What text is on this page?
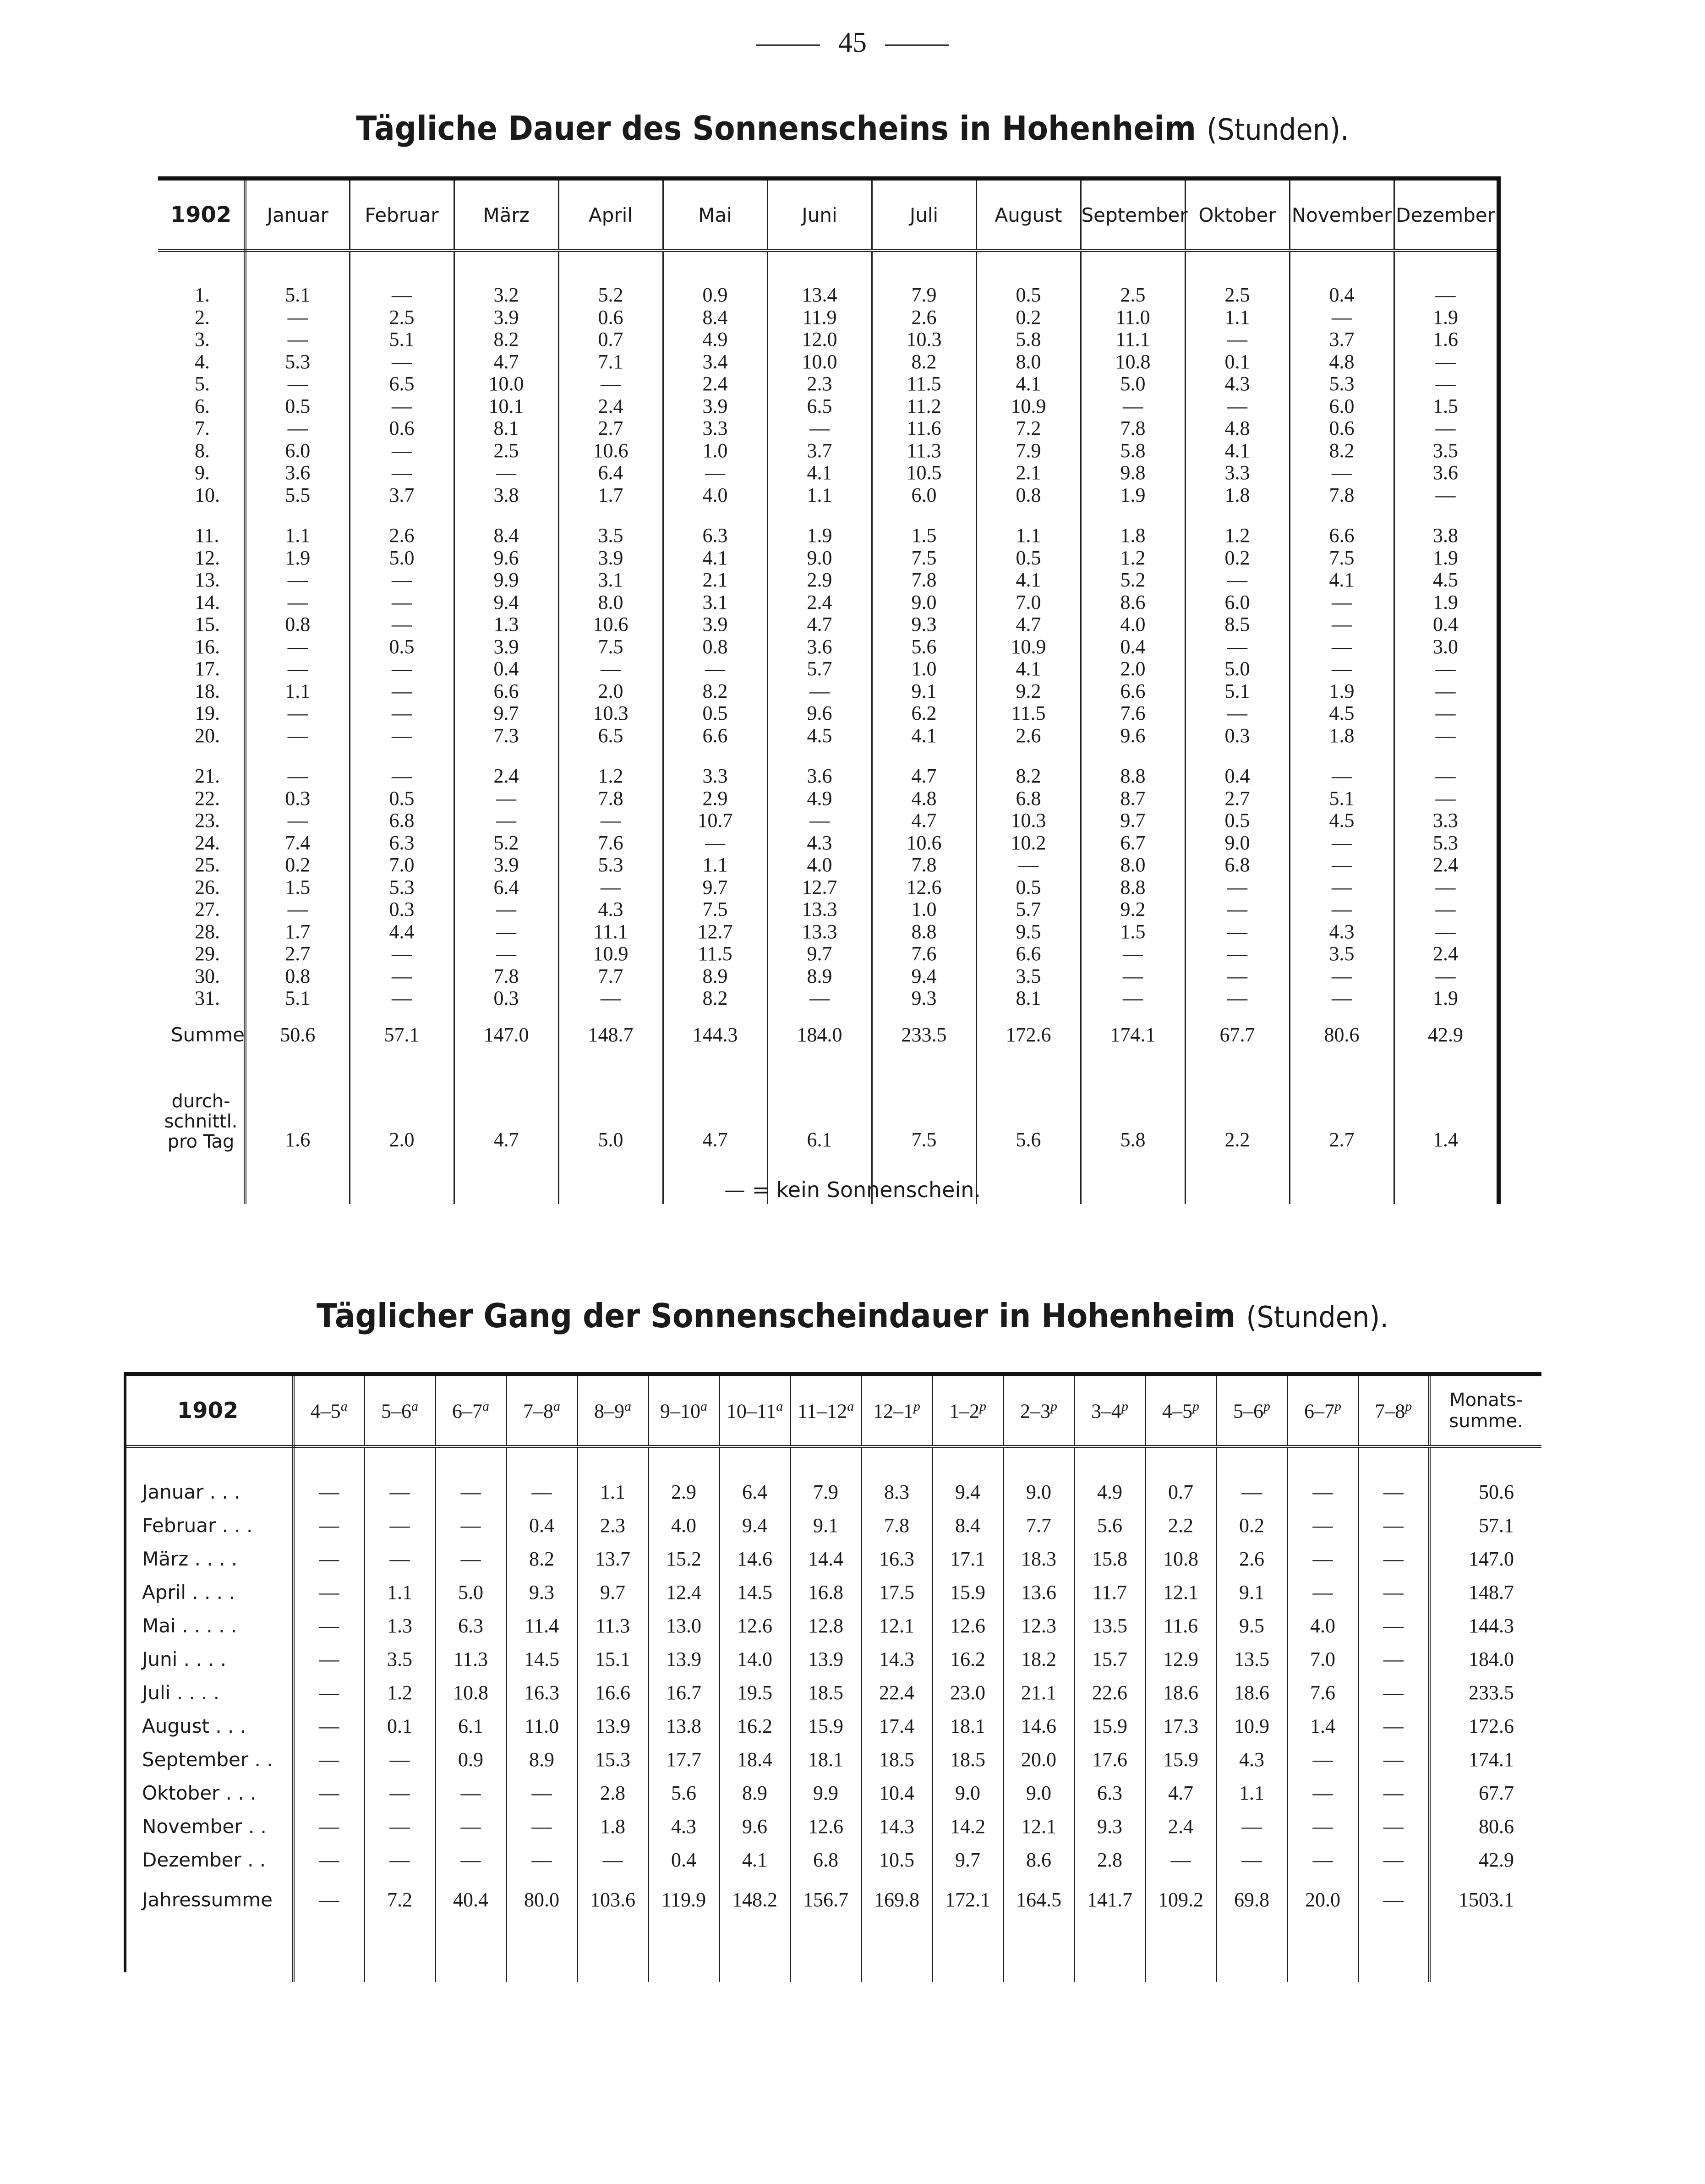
45
Tägliche Dauer des Sonnenscheins in Hohenheim (Stunden).
1902	Januar	Februar	März	April	Mai	Juni	Juli	August	September	Oktober	November	Dezember

1.	5.1	—	3.2	5.2	0.9	13.4	7.9	0.5	2.5	2.5	0.4	—
2.	—	2.5	3.9	0.6	8.4	11.9	2.6	0.2	11.0	1.1	—	1.9
3.	—	5.1	8.2	0.7	4.9	12.0	10.3	5.8	11.1	—	3.7	1.6
4.	5.3	—	4.7	7.1	3.4	10.0	8.2	8.0	10.8	0.1	4.8	—
5.	—	6.5	10.0	—	2.4	2.3	11.5	4.1	5.0	4.3	5.3	—
6.	0.5	—	10.1	2.4	3.9	6.5	11.2	10.9	—	—	6.0	1.5
7.	—	0.6	8.1	2.7	3.3	—	11.6	7.2	7.8	4.8	0.6	—
8.	6.0	—	2.5	10.6	1.0	3.7	11.3	7.9	5.8	4.1	8.2	3.5
9.	3.6	—	—	6.4	—	4.1	10.5	2.1	9.8	3.3	—	3.6
10.	5.5	3.7	3.8	1.7	4.0	1.1	6.0	0.8	1.9	1.8	7.8	—

11.	1.1	2.6	8.4	3.5	6.3	1.9	1.5	1.1	1.8	1.2	6.6	3.8
12.	1.9	5.0	9.6	3.9	4.1	9.0	7.5	0.5	1.2	0.2	7.5	1.9
13.	—	—	9.9	3.1	2.1	2.9	7.8	4.1	5.2	—	4.1	4.5
14.	—	—	9.4	8.0	3.1	2.4	9.0	7.0	8.6	6.0	—	1.9
15.	0.8	—	1.3	10.6	3.9	4.7	9.3	4.7	4.0	8.5	—	0.4
16.	—	0.5	3.9	7.5	0.8	3.6	5.6	10.9	0.4	—	—	3.0
17.	—	—	0.4	—	—	5.7	1.0	4.1	2.0	5.0	—	—
18.	1.1	—	6.6	2.0	8.2	—	9.1	9.2	6.6	5.1	1.9	—
19.	—	—	9.7	10.3	0.5	9.6	6.2	11.5	7.6	—	4.5	—
20.	—	—	7.3	6.5	6.6	4.5	4.1	2.6	9.6	0.3	1.8	—

21.	—	—	2.4	1.2	3.3	3.6	4.7	8.2	8.8	0.4	—	—
22.	0.3	0.5	—	7.8	2.9	4.9	4.8	6.8	8.7	2.7	5.1	—
23.	—	6.8	—	—	10.7	—	4.7	10.3	9.7	0.5	4.5	3.3
24.	7.4	6.3	5.2	7.6	—	4.3	10.6	10.2	6.7	9.0	—	5.3
25.	0.2	7.0	3.9	5.3	1.1	4.0	7.8	—	8.0	6.8	—	2.4
26.	1.5	5.3	6.4	—	9.7	12.7	12.6	0.5	8.8	—	—	—
27.	—	0.3	—	4.3	7.5	13.3	1.0	5.7	9.2	—	—	—
28.	1.7	4.4	—	11.1	12.7	13.3	8.8	9.5	1.5	—	4.3	—
29.	2.7	—	—	10.9	11.5	9.7	7.6	6.6	—	—	3.5	2.4
30.	0.8	—	7.8	7.7	8.9	8.9	9.4	3.5	—	—	—	—
31.	5.1	—	0.3	—	8.2	—	9.3	8.1	—	—	—	1.9
Summe	50.6	57.1	147.0	148.7	144.3	184.0	233.5	172.6	174.1	67.7	80.6	42.9

durch-
schnittl.
pro Tag	1.6	2.0	4.7	5.0	4.7	6.1	7.5	5.6	5.8	2.2	2.7	1.4

— = kein Sonnenschein.
Täglicher Gang der Sonnenscheindauer in Hohenheim (Stunden).
1902	4–5$^a$	5–6$^a$	6–7$^a$	7–8$^a$	8–9$^a$	9–10$^a$	10–11$^a$	11–12$^a$	12–1$^p$	1–2$^p$	2–3$^p$	3–4$^p$	4–5$^p$	5–6$^p$	6–7$^p$	7–8$^p$	Monats-
summe.

Januar . . .	—	—	—	—	1.1	2.9	6.4	7.9	8.3	9.4	9.0	4.9	0.7	—	—	—	50.6
Februar . . .	—	—	—	0.4	2.3	4.0	9.4	9.1	7.8	8.4	7.7	5.6	2.2	0.2	—	—	57.1
März . . . .	—	—	—	8.2	13.7	15.2	14.6	14.4	16.3	17.1	18.3	15.8	10.8	2.6	—	—	147.0
April . . . .	—	1.1	5.0	9.3	9.7	12.4	14.5	16.8	17.5	15.9	13.6	11.7	12.1	9.1	—	—	148.7
Mai . . . . .	—	1.3	6.3	11.4	11.3	13.0	12.6	12.8	12.1	12.6	12.3	13.5	11.6	9.5	4.0	—	144.3
Juni . . . .	—	3.5	11.3	14.5	15.1	13.9	14.0	13.9	14.3	16.2	18.2	15.7	12.9	13.5	7.0	—	184.0
Juli . . . .	—	1.2	10.8	16.3	16.6	16.7	19.5	18.5	22.4	23.0	21.1	22.6	18.6	18.6	7.6	—	233.5
August . . .	—	0.1	6.1	11.0	13.9	13.8	16.2	15.9	17.4	18.1	14.6	15.9	17.3	10.9	1.4	—	172.6
September . .	—	—	0.9	8.9	15.3	17.7	18.4	18.1	18.5	18.5	20.0	17.6	15.9	4.3	—	—	174.1
Oktober . . .	—	—	—	—	2.8	5.6	8.9	9.9	10.4	9.0	9.0	6.3	4.7	1.1	—	—	67.7
November . .	—	—	—	—	1.8	4.3	9.6	12.6	14.3	14.2	12.1	9.3	2.4	—	—	—	80.6
Dezember . .	—	—	—	—	—	0.4	4.1	6.8	10.5	9.7	8.6	2.8	—	—	—	—	42.9
Jahressumme	—	7.2	40.4	80.0	103.6	119.9	148.2	156.7	169.8	172.1	164.5	141.7	109.2	69.8	20.0	—	1503.1
